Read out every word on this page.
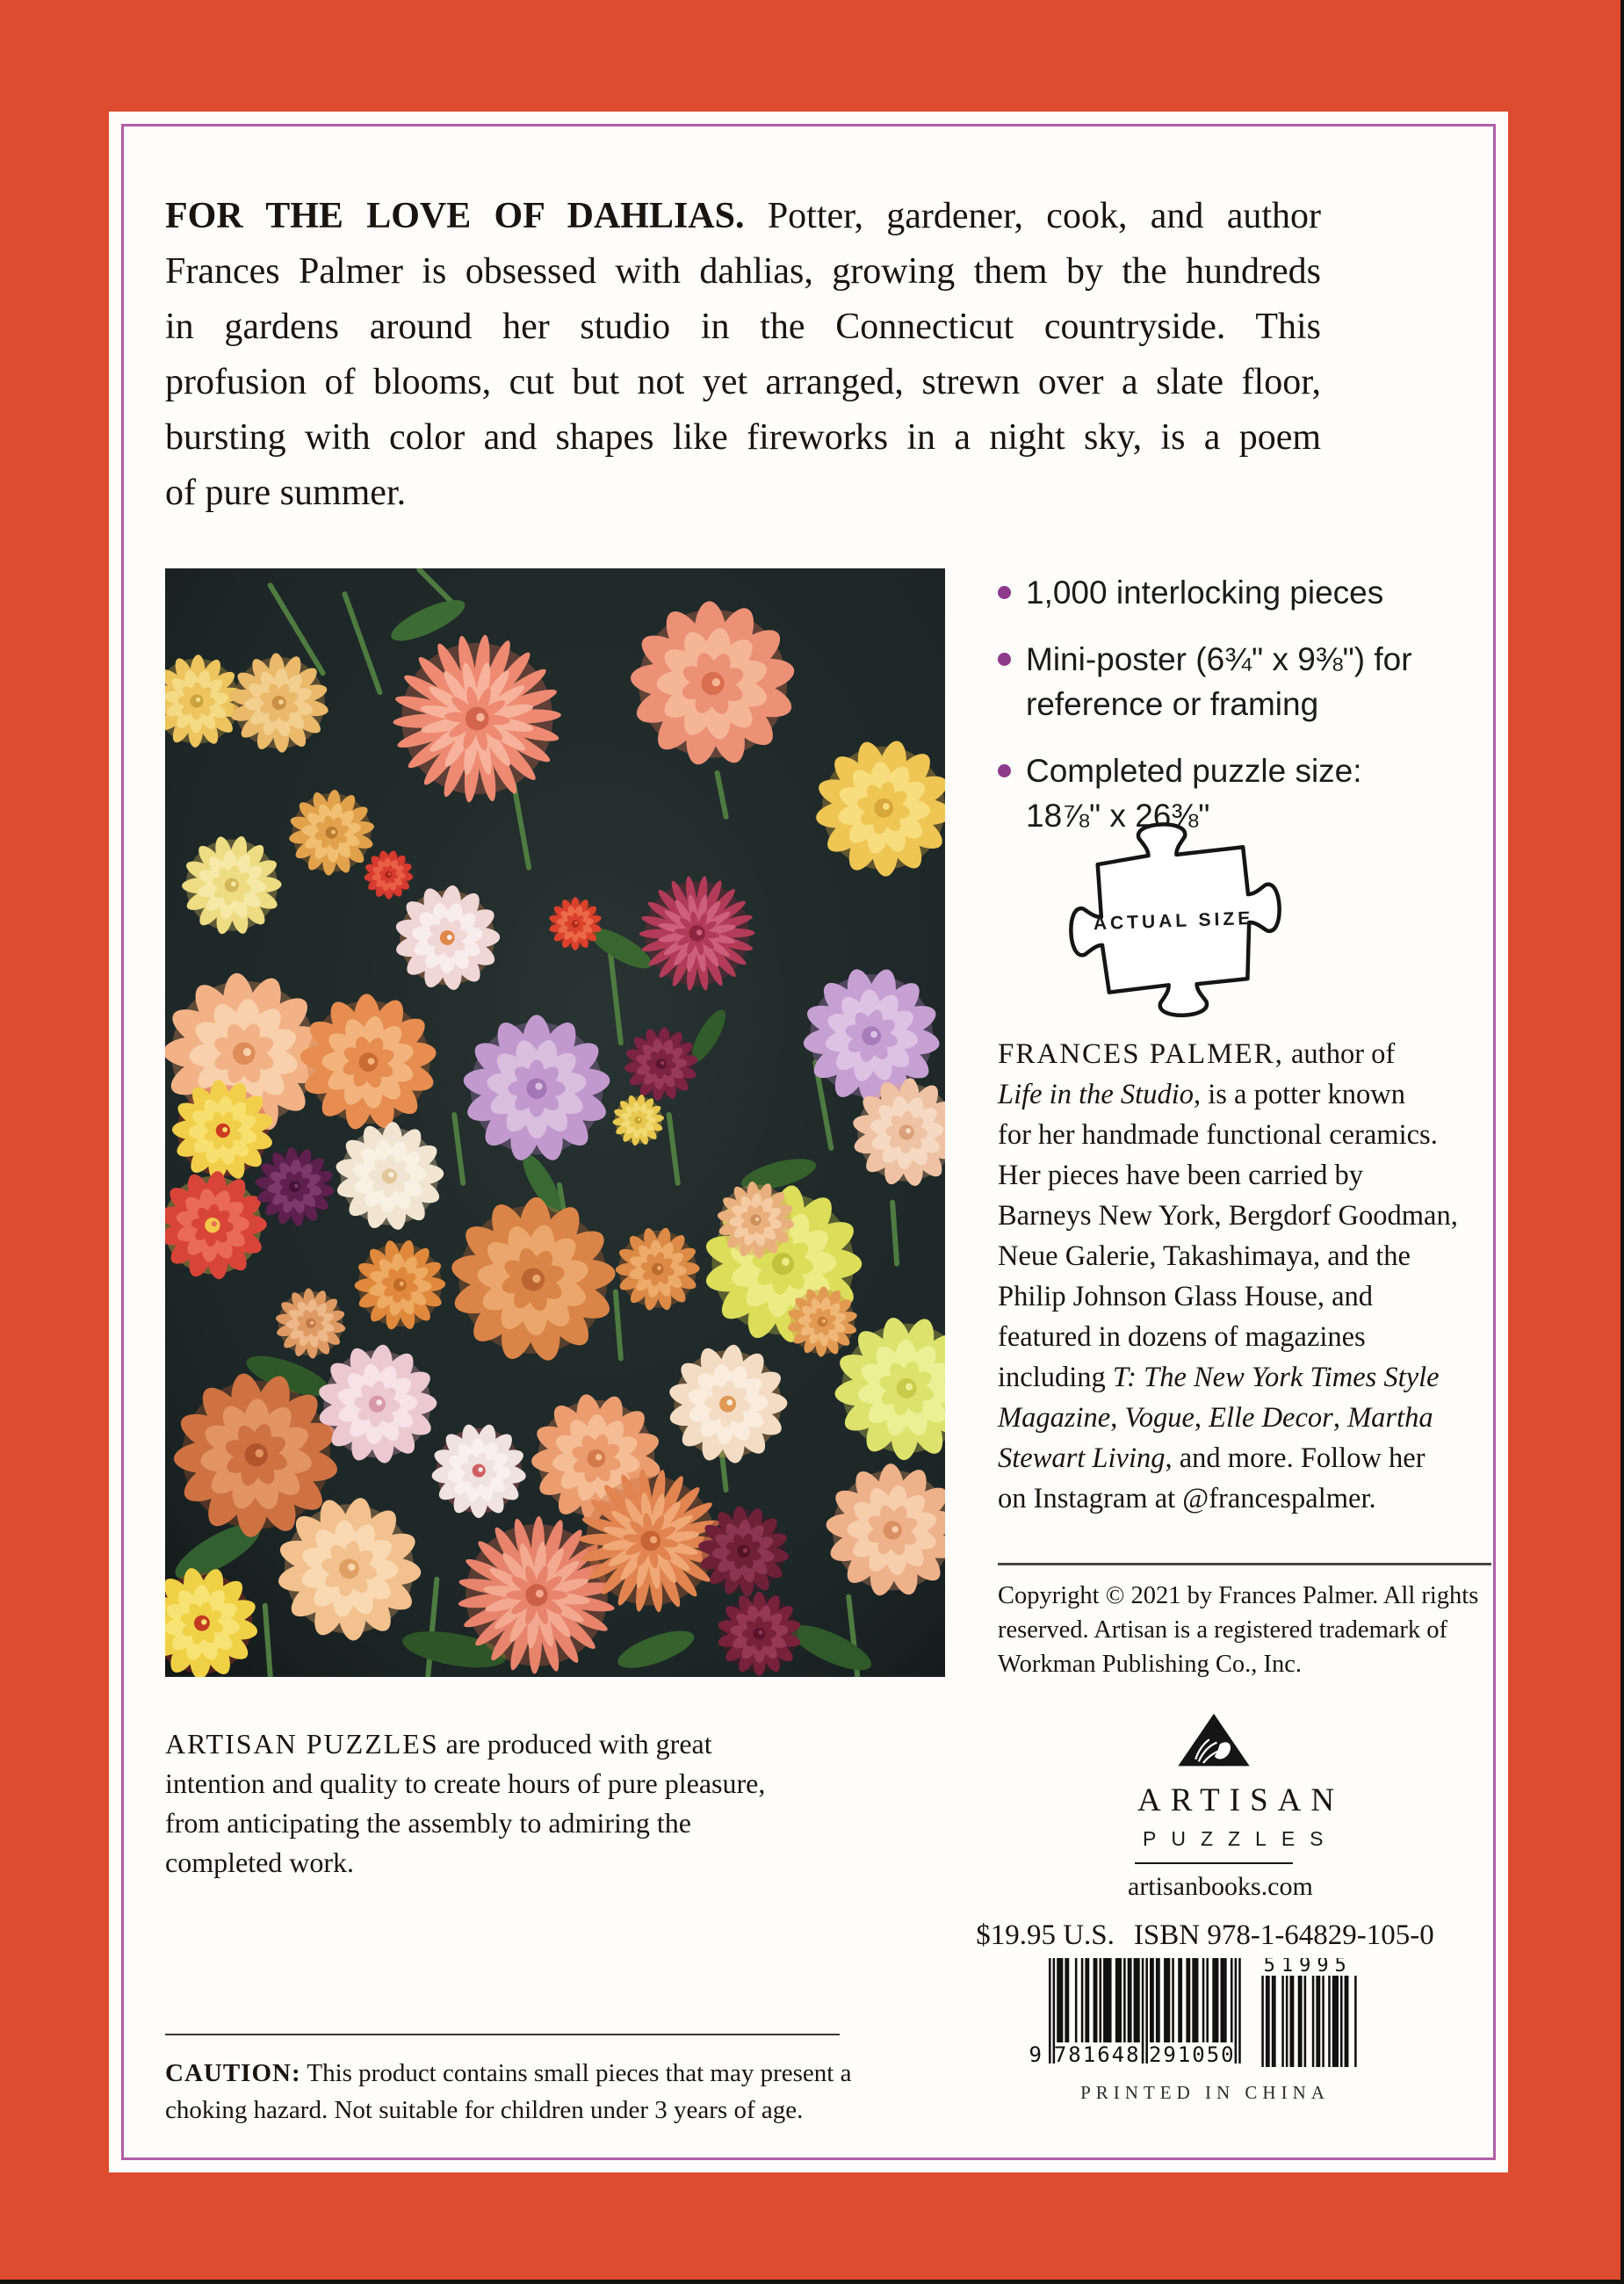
FOR THE LOVE OF DAHLIAS. Potter, gardener, cook, and author
Frances Palmer is obsessed with dahlias, growing them by the hundreds
in gardens around her studio in the Connecticut countryside. This
profusion of blooms, cut but not yet arranged, strewn over a slate floor,
bursting with color and shapes like fireworks in a night sky, is a poem
of pure summer.
1,000 interlocking pieces
Mini-poster (6¾" x 9⅜") for
reference or framing
Completed puzzle size:
18⅞" x 26⅜"
ACTUAL SIZE
FRANCES PALMER, author of
Life in the Studio, is a potter known
for her handmade functional ceramics.
Her pieces have been carried by
Barneys New York, Bergdorf Goodman,
Neue Galerie, Takashimaya, and the
Philip Johnson Glass House, and
featured in dozens of magazines
including T: The New York Times Style
Magazine, Vogue, Elle Decor, Martha
Stewart Living, and more. Follow her
on Instagram at @francespalmer.
Copyright © 2021 by Frances Palmer. All rights
reserved. Artisan is a registered trademark of
Workman Publishing Co., Inc.
ARTISAN PUZZLES are produced with great
intention and quality to create hours of pure pleasure,
from anticipating the assembly to admiring the
completed work.
ARTISAN
PUZZLES
artisanbooks.com
$19.95 U.S. ISBN 978-1-64829-105-0
9 781648 291050
51995
PRINTED IN CHINA
CAUTION: This product contains small pieces that may present a
choking hazard. Not suitable for children under 3 years of age.
